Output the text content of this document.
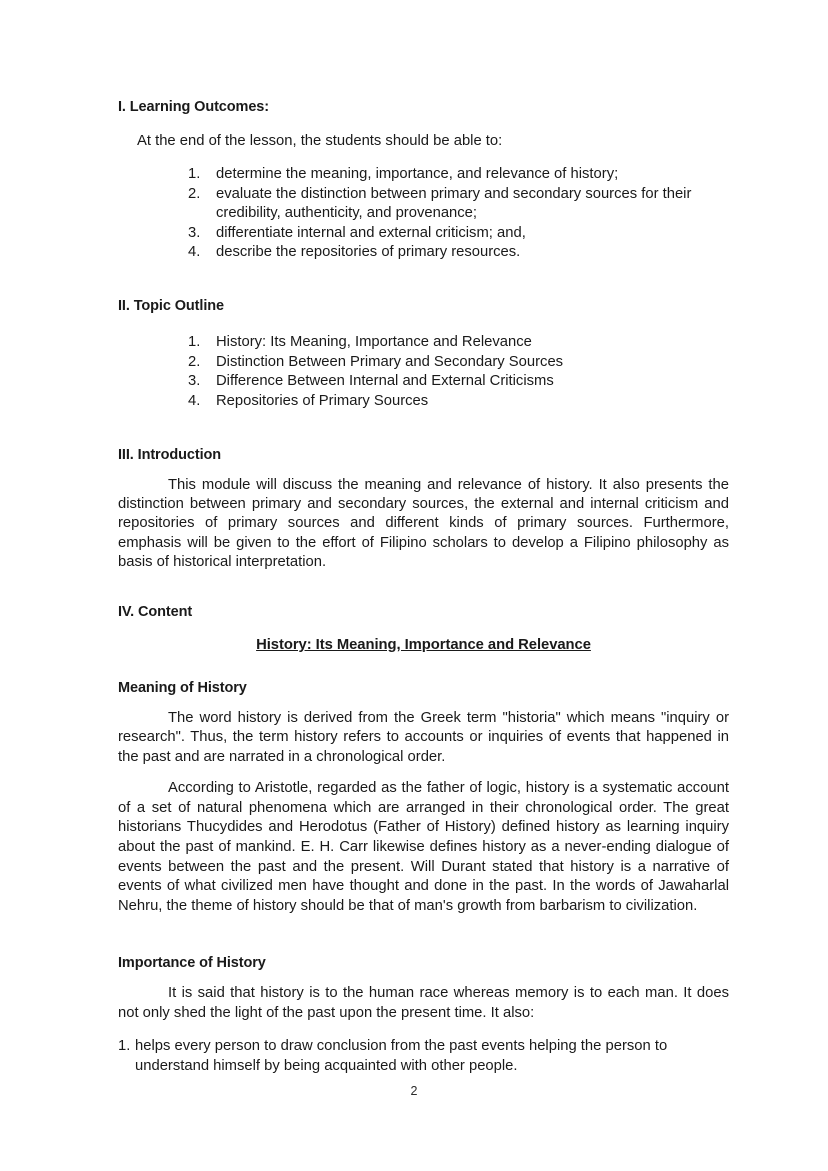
I. Learning Outcomes:

At the end of the lesson, the students should be able to:

1.	determine the meaning, importance, and relevance of history;
2.	evaluate the distinction between primary and secondary sources for their credibility, authenticity, and provenance;
3.	differentiate internal and external criticism; and,
4.	describe the repositories of primary resources.
II. Topic Outline
1.	History: Its Meaning, Importance and Relevance
2.	Distinction Between Primary and Secondary Sources
3.	Difference Between Internal and External Criticisms
4.	Repositories of Primary Sources
III. Introduction

This module will discuss the meaning and relevance of history. It also presents the distinction between primary and secondary sources, the external and internal criticism and repositories of primary sources and different kinds of primary sources. Furthermore, emphasis will be given to the effort of Filipino scholars to develop a Filipino philosophy as basis of historical interpretation.

IV. Content
History: Its Meaning, Importance and Relevance
Meaning of History

The word history is derived from the Greek term "historia" which means "inquiry or research". Thus, the term history refers to accounts or inquiries of events that happened in the past and are narrated in a chronological order.

According to Aristotle, regarded as the father of logic, history is a systematic account of a set of natural phenomena which are arranged in their chronological order. The great historians Thucydides and Herodotus (Father of History) defined history as learning inquiry about the past of mankind. E. H. Carr likewise defines history as a never-ending dialogue of events between the past and the present. Will Durant stated that history is a narrative of events of what civilized men have thought and done in the past. In the words of Jawaharlal Nehru, the theme of history should be that of man's growth from barbarism to civilization.

Importance of History

It is said that history is to the human race whereas memory is to each man. It does not only shed the light of the past upon the present time. It also:

1. helps every person to draw conclusion from the past events helping the person to understand himself by being acquainted with other people.
2
